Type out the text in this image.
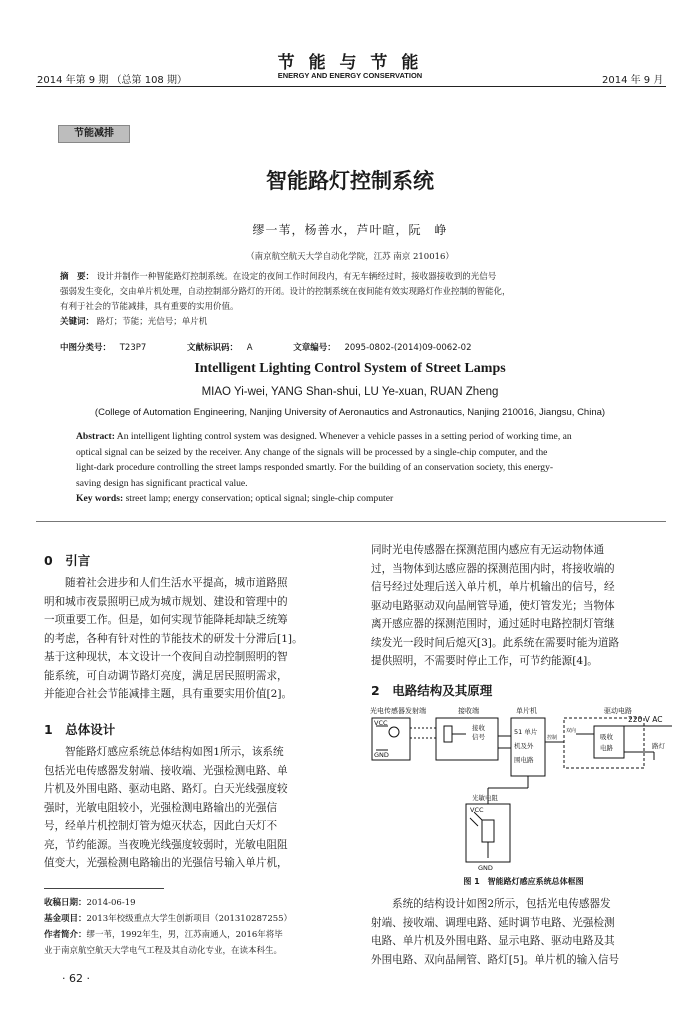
2014 年第 9 期 （总第 108 期）
节 能 与 节 能
ENERGY AND ENERGY CONSERVATION	2014 年 9 月
节能减排
智能路灯控制系统
缪一苇，杨善水，芦叶暄，阮　峥
（南京航空航天大学自动化学院，江苏 南京 210016）
摘　要： 设计并制作一种智能路灯控制系统。在设定的夜间工作时间段内，有无车辆经过时，接收器接收到的光信号
强弱发生变化，交由单片机处理，自动控制部分路灯的开闭。设计的控制系统在夜间能有效实现路灯作业控制的智能化，
有利于社会的节能减排，具有重要的实用价值。
关键词： 路灯；节能；光信号；单片机
中图分类号： T23P7	文献标识码： A	文章编号： 2095-0802-(2014)09-0062-02
Intelligent Lighting Control System of Street Lamps
MIAO Yi-wei, YANG Shan-shui, LU Ye-xuan, RUAN Zheng
(College of Automation Engineering, Nanjing University of Aeronautics and Astronautics, Nanjing 210016, Jiangsu, China)
Abstract: An intelligent lighting control system was designed. Whenever a vehicle passes in a setting period of working time, an
optical signal can be seized by the receiver. Any change of the signals will be processed by a single-chip computer, and the
light-dark procedure controlling the street lamps responded smartly. For the building of an conservation society, this energy-
saving design has significant practical value.
Key words: street lamp; energy conservation; optical signal; single-chip computer
0　引言
随着社会进步和人们生活水平提高，城市道路照
明和城市夜景照明已成为城市规划、建设和管理中的
一项重要工作。但是，如何实现节能降耗却缺乏统筹
的考虑，各种有针对性的节能技术的研发十分滞后[1]。
基于这种现状，本文设计一个夜间自动控制照明的智
能系统，可自动调节路灯亮度，满足居民照明需求，
并能迎合社会节能减排主题，具有重要实用价值[2]。
1　总体设计
智能路灯感应系统总体结构如图1所示，该系统
包括光电传感器发射端、接收端、光强检测电路、单
片机及外围电路、驱动电路、路灯。白天光线强度较
强时，光敏电阻较小，光强检测电路输出的光强信
号，经单片机控制灯管为熄灭状态，因此白天灯不
亮，节约能源。当夜晚光线强度较弱时，光敏电阻阻
值变大，光强检测电路输出的光强信号输入单片机，
收稿日期：2014-06-19
基金项目：2013年校级重点大学生创新项目（201310287255）
作者简介：缪一苇，1992年生，男，江苏南通人，2016年将毕
业于南京航空航天大学电气工程及其自动化专业，在读本科生。
· 62 ·
同时光电传感器在探测范围内感应有无运动物体通
过，当物体到达感应器的探测范围内时，将接收端的
信号经过处理后送入单片机，单片机输出的信号，经
驱动电路驱动双向晶闸管导通，使灯管发光；当物体
离开感应器的探测范围时，通过延时电路控制灯管继
续发光一段时间后熄灭[3]。此系统在需要时能为道路
提供照明，不需要时停止工作，可节约能源[4]。
2　电路结构及其原理
光电传感器发射端	接收端	单片机	驱动电路
VCC
GND
接收
信号
51 单片
机及外
围电路
控制
双向
吸收
电路
220 V AC
路灯
光敏电阻
VCC
GND
图 1　智能路灯感应系统总体框图
系统的结构设计如图2所示，包括光电传感器发
射端、接收端、调理电路、延时调节电路、光强检测
电路、单片机及外围电路、显示电路、驱动电路及其
外围电路、双向晶闸管、路灯[5]。单片机的输入信号
